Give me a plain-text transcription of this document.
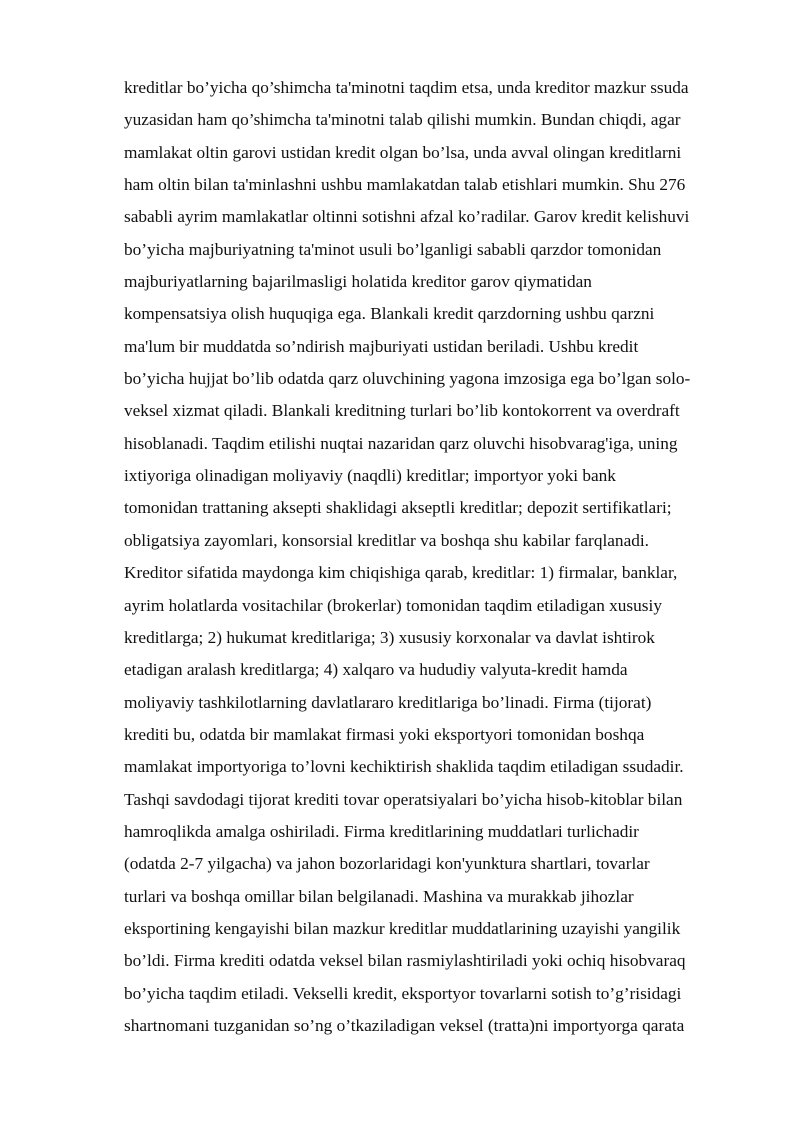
kreditlar bo’yicha qo’shimcha ta'minotni taqdim etsa, unda kreditor mazkur ssuda
yuzasidan ham qo’shimcha ta'minotni talab qilishi mumkin. Bundan chiqdi, agar
mamlakat oltin garovi ustidan kredit olgan bo’lsa, unda avval olingan kreditlarni
ham oltin bilan ta'minlashni ushbu mamlakatdan talab etishlari mumkin. Shu 276
sababli ayrim mamlakatlar oltinni sotishni afzal ko’radilar. Garov kredit kelishuvi
bo’yicha majburiyatning ta'minot usuli bo’lganligi sababli qarzdor tomonidan
majburiyatlarning bajarilmasligi holatida kreditor garov qiymatidan
kompensatsiya olish huquqiga ega. Blankali kredit qarzdorning ushbu qarzni
ma'lum bir muddatda so’ndirish majburiyati ustidan beriladi. Ushbu kredit
bo’yicha hujjat bo’lib odatda qarz oluvchining yagona imzosiga ega bo’lgan solo-
veksel xizmat qiladi. Blankali kreditning turlari bo’lib kontokorrent va overdraft
hisoblanadi. Taqdim etilishi nuqtai nazaridan qarz oluvchi hisobvarag'iga, uning
ixtiyoriga olinadigan moliyaviy (naqdli) kreditlar; importyor yoki bank
tomonidan trattaning aksepti shaklidagi akseptli kreditlar; depozit sertifikatlari;
obligatsiya zayomlari, konsorsial kreditlar va boshqa shu kabilar farqlanadi.
Kreditor sifatida maydonga kim chiqishiga qarab, kreditlar: 1) firmalar, banklar,
ayrim holatlarda vositachilar (brokerlar) tomonidan taqdim etiladigan xususiy
kreditlarga; 2) hukumat kreditlariga; 3) xususiy korxonalar va davlat ishtirok
etadigan aralash kreditlarga; 4) xalqaro va hududiy valyuta-kredit hamda
moliyaviy tashkilotlarning davlatlararo kreditlariga bo’linadi. Firma (tijorat)
krediti bu, odatda bir mamlakat firmasi yoki eksportyori tomonidan boshqa
mamlakat importyoriga to’lovni kechiktirish shaklida taqdim etiladigan ssudadir.
Tashqi savdodagi tijorat krediti tovar operatsiyalari bo’yicha hisob-kitoblar bilan
hamroqlikda amalga oshiriladi. Firma kreditlarining muddatlari turlichadir
(odatda 2-7 yilgacha) va jahon bozorlaridagi kon'yunktura shartlari, tovarlar
turlari va boshqa omillar bilan belgilanadi. Mashina va murakkab jihozlar
eksportining kengayishi bilan mazkur kreditlar muddatlarining uzayishi yangilik
bo’ldi. Firma krediti odatda veksel bilan rasmiylashtiriladi yoki ochiq hisobvaraq
bo’yicha taqdim etiladi. Vekselli kredit, eksportyor tovarlarni sotish to’g’risidagi
shartnomani tuzganidan so’ng o’tkaziladigan veksel (tratta)ni importyorga qarata
